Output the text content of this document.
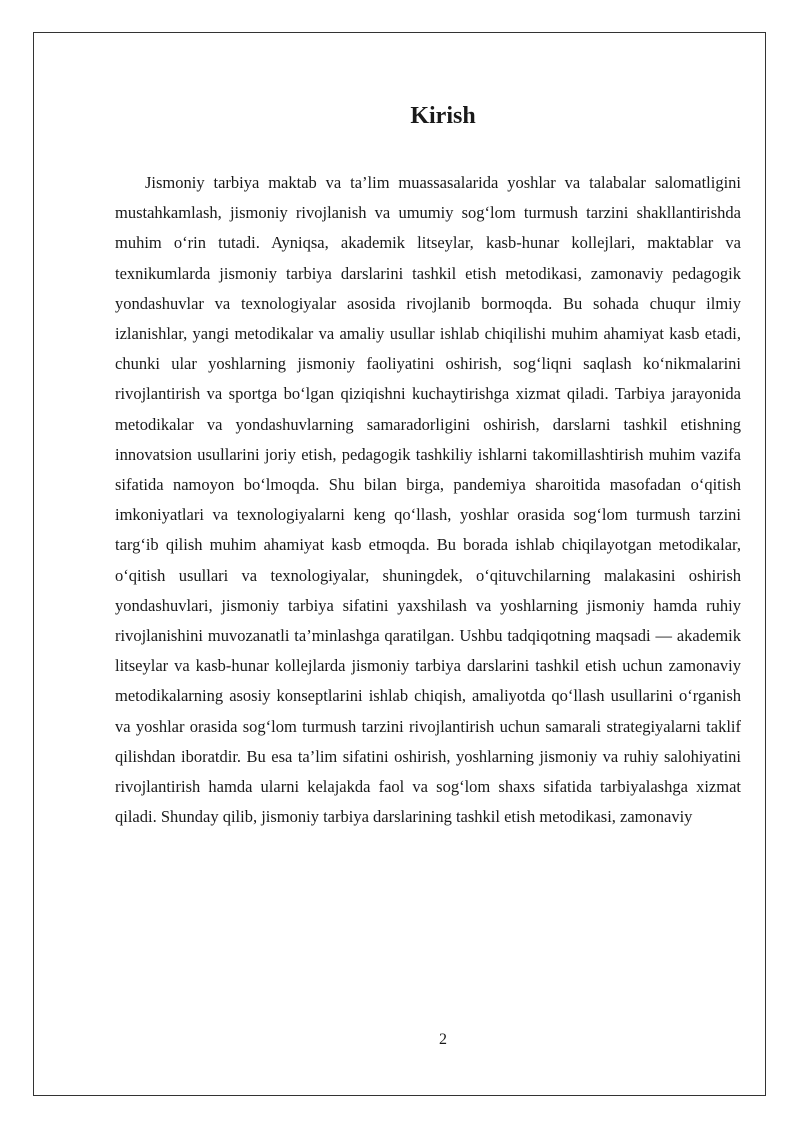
Kirish

Jismoniy tarbiya maktab va ta’lim muassasalarida yoshlar va talabalar salomatligini mustahkamlash, jismoniy rivojlanish va umumiy sog‘lom turmush tarzini shakllantirishda muhim o‘rin tutadi. Ayniqsa, akademik litseylar, kasb-hunar kollejlari, maktablar va texnikumlarda jismoniy tarbiya darslarini tashkil etish metodikasi, zamonaviy pedagogik yondashuvlar va texnologiyalar asosida rivojlanib bormoqda. Bu sohada chuqur ilmiy izlanishlar, yangi metodikalar va amaliy usullar ishlab chiqilishi muhim ahamiyat kasb etadi, chunki ular yoshlarning jismoniy faoliyatini oshirish, sog‘liqni saqlash ko‘nikmalarini rivojlantirish va sportga bo‘lgan qiziqishni kuchaytirishga xizmat qiladi. Tarbiya jarayonida metodikalar va yondashuvlarning samaradorligini oshirish, darslarni tashkil etishning innovatsion usullarini joriy etish, pedagogik tashkiliy ishlarni takomillashtirish muhim vazifa sifatida namoyon bo‘lmoqda. Shu bilan birga, pandemiya sharoitida masofadan o‘qitish imkoniyatlari va texnologiyalarni keng qo‘llash, yoshlar orasida sog‘lom turmush tarzini targ‘ib qilish muhim ahamiyat kasb etmoqda. Bu borada ishlab chiqilayotgan metodikalar, o‘qitish usullari va texnologiyalar, shuningdek, o‘qituvchilarning malakasini oshirish yondashuvlari, jismoniy tarbiya sifatini yaxshilash va yoshlarning jismoniy hamda ruhiy rivojlanishini muvozanatli ta’minlashga qaratilgan. Ushbu tadqiqotning maqsadi — akademik litseylar va kasb-hunar kollejlarda jismoniy tarbiya darslarini tashkil etish uchun zamonaviy metodikalarning asosiy konseptlarini ishlab chiqish, amaliyotda qo‘llash usullarini o‘rganish va yoshlar orasida sog‘lom turmush tarzini rivojlantirish uchun samarali strategiyalarni taklif qilishdan iboratdir. Bu esa ta’lim sifatini oshirish, yoshlarning jismoniy va ruhiy salohiyatini rivojlantirish hamda ularni kelajakda faol va sog‘lom shaxs sifatida tarbiyalashga xizmat qiladi. Shunday qilib, jismoniy tarbiya darslarining tashkil etish metodikasi, zamonaviy

2
